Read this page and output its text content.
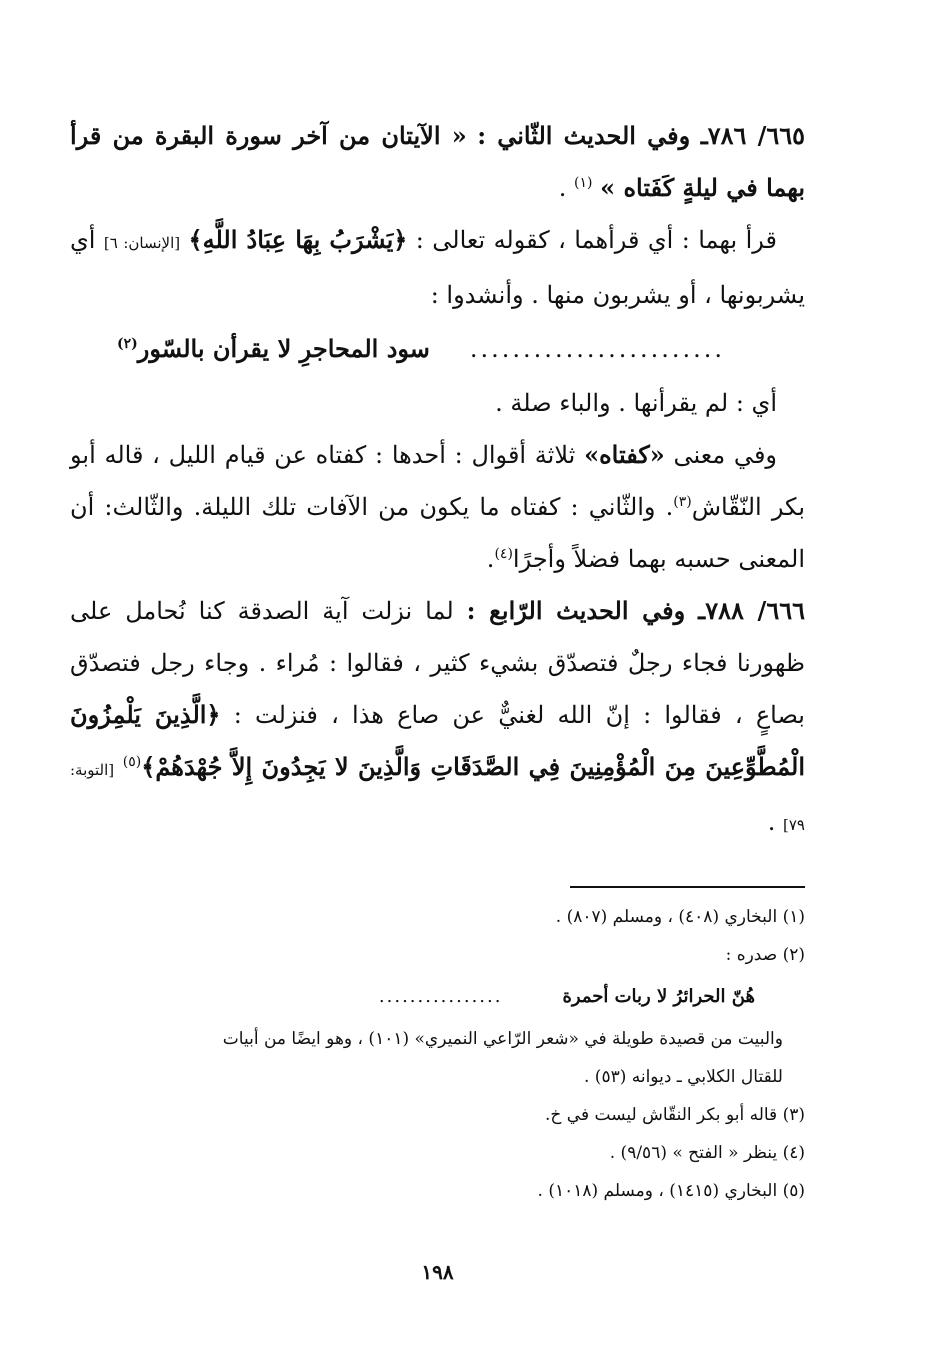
٦٦٥/ ٧٨٦ـ وفي الحديث الثّاني : « الآيتان من آخر سورة البقرة من قرأ بهما في ليلةٍ كَفَتاه » $^{(١)}$ .

قرأ بهما : أي قرأهما ، كقوله تعالى : ﴿يَشْرَبُ بِهَا عِبَادُ اللَّهِ﴾ [الإنسان: ٦] أي يشربونها ، أو يشربون منها . وأنشدوا :

........................
سود المحاجرِ لا يقرأن بالسّور$^{(٢)}$

أي : لم يقرأنها . والباء صلة .

وفي معنى «كفتاه» ثلاثة أقوال : أحدها : كفتاه عن قيام الليل ، قاله أبو بكر النّقّاش$^{(٣)}$. والثّاني : كفتاه ما يكون من الآفات تلك الليلة. والثّالث: أن المعنى حسبه بهما فضلاً وأجرًا$^{(٤)}$.

٦٦٦/ ٧٨٨ـ وفي الحديث الرّابع : لما نزلت آية الصدقة كنا نُحامل على ظهورنا فجاء رجلٌ فتصدّق بشيء كثير ، فقالوا : مُراء . وجاء رجل فتصدّق بصاعٍ ، فقالوا : إنّ الله لغنيٌّ عن صاع هذا ، فنزلت : ﴿الَّذِينَ يَلْمِزُونَ الْمُطَّوِّعِينَ مِنَ الْمُؤْمِنِينَ فِي الصَّدَقَاتِ وَالَّذِينَ لا يَجِدُونَ إِلاَّ جُهْدَهُمْ﴾$^{(٥)}$ [التوبة: ٧٩] .

(١) البخاري (٤٠٨) ، ومسلم (٨٠٧) .

(٢) صدره :

هُنّ الحرائرُ لا ربات أحمرة
................

والبيت من قصيدة طويلة في «شعر الرّاعي النميري» (١٠١) ، وهو ايضًا من أبيات

للقتال الكلابي ـ ديوانه (٥٣) .

(٣) قاله أبو بكر النقّاش ليست في خ.

(٤) ينظر « الفتح » (٩/٥٦) .

(٥) البخاري (١٤١٥) ، ومسلم (١٠١٨) .

١٩٨
